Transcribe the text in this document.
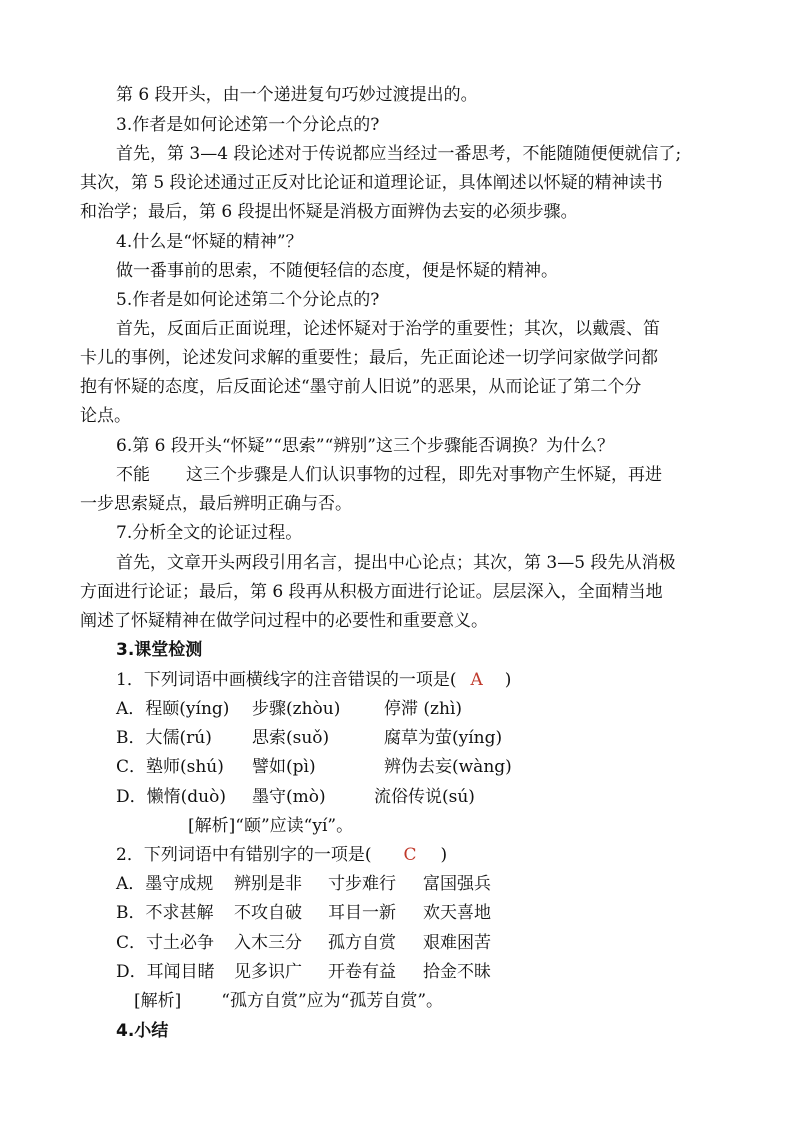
第 6 段开头，由一个递进复句巧妙过渡提出的。
3.作者是如何论述第一个分论点的?
首先，第 3—4 段论述对于传说都应当经过一番思考，不能随随便便就信了;
其次，第 5 段论述通过正反对比论证和道理论证，具体阐述以怀疑的精神读书
和治学；最后，第 6 段提出怀疑是消极方面辨伪去妄的必须步骤。
4.什么是“怀疑的精神”？
做一番事前的思索，不随便轻信的态度，便是怀疑的精神。
5.作者是如何论述第二个分论点的?
首先，反面后正面说理，论述怀疑对于治学的重要性；其次，以戴震、笛
卡儿的事例，论述发问求解的重要性；最后，先正面论述一切学问家做学问都
抱有怀疑的态度，后反面论述“墨守前人旧说”的恶果，从而论证了第二个分
论点。
6.第 6 段开头“怀疑”“思索”“辨别”这三个步骤能否调换？为什么？
不能 这三个步骤是人们认识事物的过程，即先对事物产生怀疑，再进
一步思索疑点，最后辨明正确与否。
7.分析全文的论证过程。
首先，文章开头两段引用名言，提出中心论点；其次，第 3—5 段先从消极
方面进行论证；最后，第 6 段再从积极方面进行论证。层层深入，全面精当地
阐述了怀疑精神在做学问过程中的必要性和重要意义。
3.课堂检测
1．下列词语中画横线字的注音错误的一项是( A )
A．程颐(yíng) 步骤(zhòu)	停滞 (zhì)
B．大儒(rú) 思索(suǒ)	腐草为萤(yíng)
C．塾师(shú) 譬如(pì)	辨伪去妄(wàng)
D．懒惰(duò) 墨守(mò)	流俗传说(sú)
[解析]“颐”应读“yí”。
2．下列词语中有错别字的一项是( C )
A．墨守成规 辨别是非 寸步难行 富国强兵
B．不求甚解 不攻自破 耳目一新 欢天喜地
C．寸土必争 入木三分 孤方自赏 艰难困苦
D．耳闻目睹 见多识广 开卷有益 拾金不昧
[解析] “孤方自赏”应为“孤芳自赏”。
4.小结
